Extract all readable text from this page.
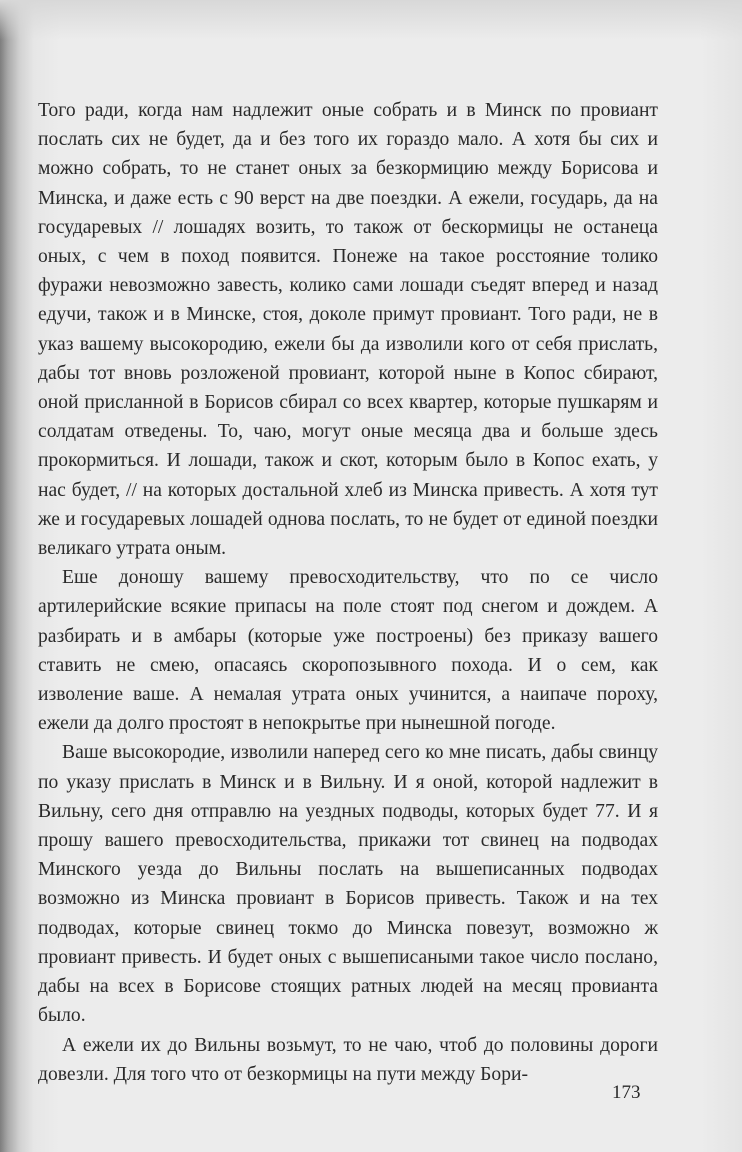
Того ради, когда нам надлежит оные собрать и в Минск по провиант послать сих не будет, да и без того их гораздо мало. А хотя бы сих и можно собрать, то не станет оных за безкормицию между Борисова и Минска, и даже есть с 90 верст на две поездки. А ежели, государь, да на государевых // лошадях возить, то також от бескормицы не останеца оных, с чем в поход появится. Понеже на такое росстояние толико фуражи невозможно завесть, колико сами лошади съедят вперед и назад едучи, також и в Минске, стоя, доколе примут провиант. Того ради, не в указ вашему высокородию, ежели бы да изволили кого от себя прислать, дабы тот вновь розложеной провиант, которой ныне в Копос сбирают, оной присланной в Борисов сбирал со всех квартер, которые пушкарям и солдатам отведены. То, чаю, могут оные месяца два и больше здесь прокормиться. И лошади, також и скот, которым было в Копос ехать, у нас будет, // на которых достальной хлеб из Минска привесть. А хотя тут же и государевых лошадей однова послать, то не будет от единой поездки великаго утрата оным.

Еше доношу вашему превосходительству, что по се число артилерийские всякие припасы на поле стоят под снегом и дождем. А разбирать и в амбары (которые уже построены) без приказу вашего ставить не смею, опасаясь скоропозывного похода. И о сем, как изволение ваше. А немалая утрата оных учинится, а наипаче пороху, ежели да долго простоят в непокрытье при нынешной погоде.

Ваше высокородие, изволили наперед сего ко мне писать, дабы свинцу по указу прислать в Минск и в Вильну. И я оной, которой надлежит в Вильну, сего дня отправлю на уездных подводы, которых будет 77. И я прошу вашего превосходительства, прикажи тот свинец на подводах Минского уезда до Вильны послать на вышеписанных подводах возможно из Минска провиант в Борисов привесть. Також и на тех подводах, которые свинец токмо до Минска повезут, возможно ж провиант привесть. И будет оных с вышеписаными такое число послано, дабы на всех в Борисове стоящих ратных людей на месяц провианта было.

А ежели их до Вильны возьмут, то не чаю, чтоб до половины дороги довезли. Для того что от безкормицы на пути между Бори-

173
